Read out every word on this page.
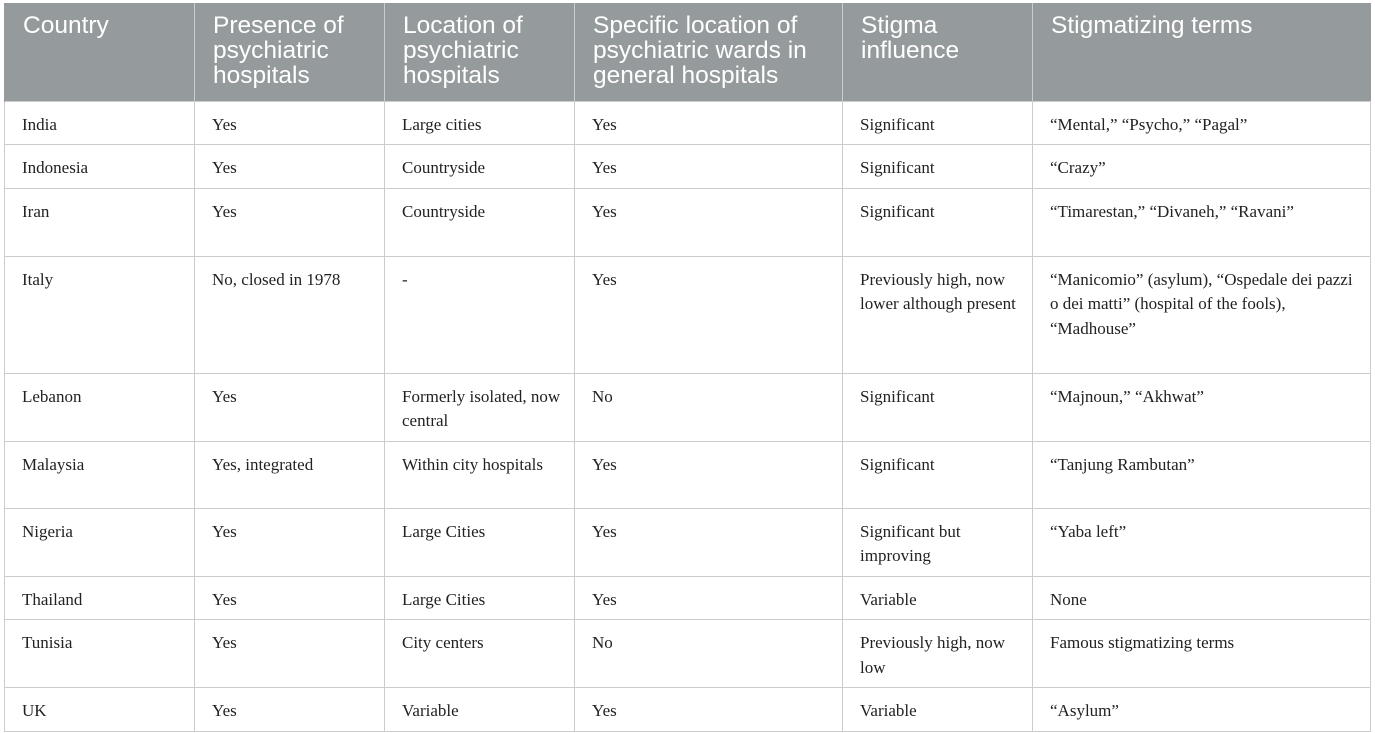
Country	Presence of psychiatric hospitals	Location of psychiatric hospitals	Specific location of psychiatric wards in general hospitals	Stigma influence	Stigmatizing terms
India	Yes	Large cities	Yes	Significant	“Mental,” “Psycho,” “Pagal”
Indonesia	Yes	Countryside	Yes	Significant	“Crazy”
Iran	Yes	Countryside	Yes	Significant	“Timarestan,” “Divaneh,” “Ravani”
Italy	No, closed in 1978	-	Yes	Previously high, now lower although present	“Manicomio” (asylum), “Ospedale dei pazzi o dei matti” (hospital of the fools), “Madhouse”
Lebanon	Yes	Formerly isolated, now central	No	Significant	“Majnoun,” “Akhwat”
Malaysia	Yes, integrated	Within city hospitals	Yes	Significant	“Tanjung Rambutan”
Nigeria	Yes	Large Cities	Yes	Significant but improving	“Yaba left”
Thailand	Yes	Large Cities	Yes	Variable	None
Tunisia	Yes	City centers	No	Previously high, now low	Famous stigmatizing terms
UK	Yes	Variable	Yes	Variable	“Asylum”
